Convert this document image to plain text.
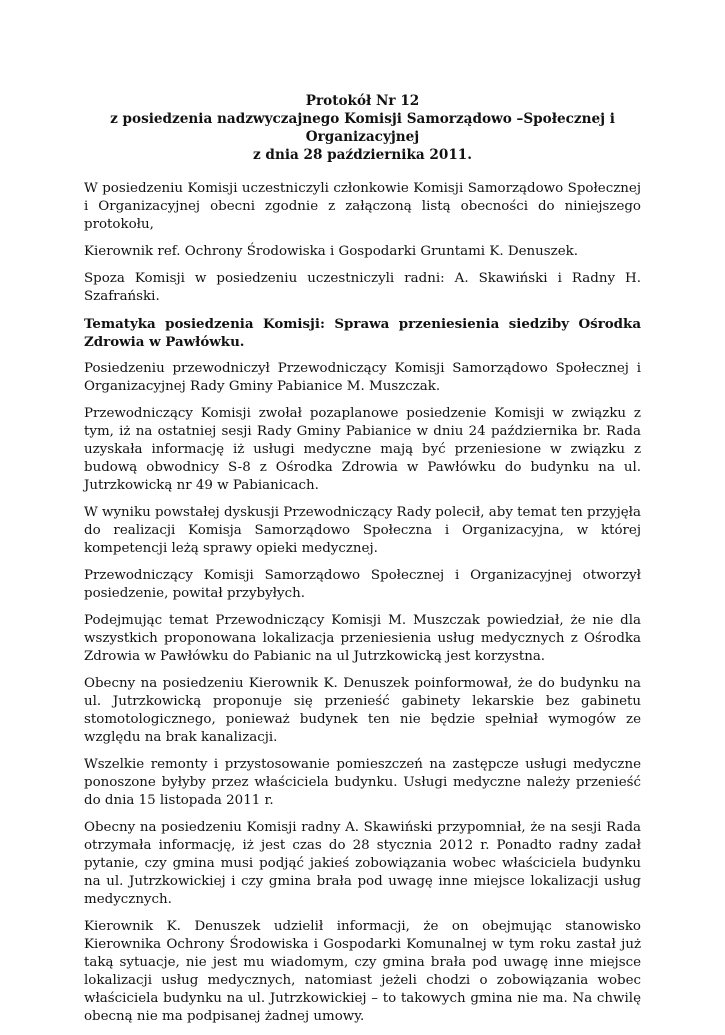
Protokół Nr 12
z posiedzenia nadzwyczajnego Komisji Samorządowo –Społecznej i Organizacyjnej
z dnia 28 października 2011.

W posiedzeniu Komisji uczestniczyli członkowie Komisji Samorządowo Społecznej i Organizacyjnej obecni zgodnie z załączoną listą obecności do niniejszego protokołu,

Kierownik ref. Ochrony Środowiska i Gospodarki Gruntami K. Denuszek.

Spoza Komisji w posiedzeniu uczestniczyli radni: A. Skawiński i Radny H. Szafrański.

Tematyka posiedzenia Komisji: Sprawa przeniesienia siedziby Ośrodka Zdrowia w Pawłówku.

Posiedzeniu przewodniczył Przewodniczący Komisji Samorządowo Społecznej i Organizacyjnej Rady Gminy Pabianice M. Muszczak.

Przewodniczący Komisji zwołał pozaplanowe posiedzenie Komisji w związku z tym, iż na ostatniej sesji Rady Gminy Pabianice w dniu 24 października br. Rada uzyskała informację iż usługi medyczne mają być przeniesione w związku z budową obwodnicy S-8 z Ośrodka Zdrowia w Pawłówku do budynku na ul. Jutrzkowicką nr 49 w Pabianicach.

W wyniku powstałej dyskusji Przewodniczący Rady polecił, aby temat ten przyjęła do realizacji Komisja Samorządowo Społeczna i Organizacyjna, w której kompetencji leżą sprawy opieki medycznej.

Przewodniczący Komisji Samorządowo Społecznej i Organizacyjnej otworzył posiedzenie, powitał przybyłych.

Podejmując temat Przewodniczący Komisji M. Muszczak powiedział, że nie dla wszystkich proponowana lokalizacja przeniesienia usług medycznych z Ośrodka Zdrowia w Pawłówku do Pabianic na ul Jutrzkowicką jest korzystna.

Obecny na posiedzeniu Kierownik K. Denuszek poinformował, że do budynku na ul. Jutrzkowicką proponuje się przenieść gabinety lekarskie bez gabinetu stomotologicznego, ponieważ budynek ten nie będzie spełniał wymogów ze względu na brak kanalizacji.

Wszelkie remonty i przystosowanie pomieszczeń na zastępcze usługi medyczne ponoszone byłyby przez właściciela budynku. Usługi medyczne należy przenieść do dnia 15 listopada 2011 r.

Obecny na posiedzeniu Komisji radny A. Skawiński przypomniał, że na sesji Rada otrzymała informację, iż jest czas do 28 stycznia 2012 r. Ponadto radny zadał pytanie, czy gmina musi podjąć jakieś zobowiązania wobec właściciela budynku na ul. Jutrzkowickiej i czy gmina brała pod uwagę inne miejsce lokalizacji usług medycznych.

Kierownik K. Denuszek udzielił informacji, że on obejmując stanowisko Kierownika Ochrony Środowiska i Gospodarki Komunalnej w tym roku zastał już taką sytuacje, nie jest mu wiadomym, czy gmina brała pod uwagę inne miejsce lokalizacji usług medycznych, natomiast jeżeli chodzi o zobowiązania wobec właściciela budynku na ul. Jutrzkowickiej – to takowych gmina nie ma. Na chwilę obecną nie ma podpisanej żadnej umowy.
